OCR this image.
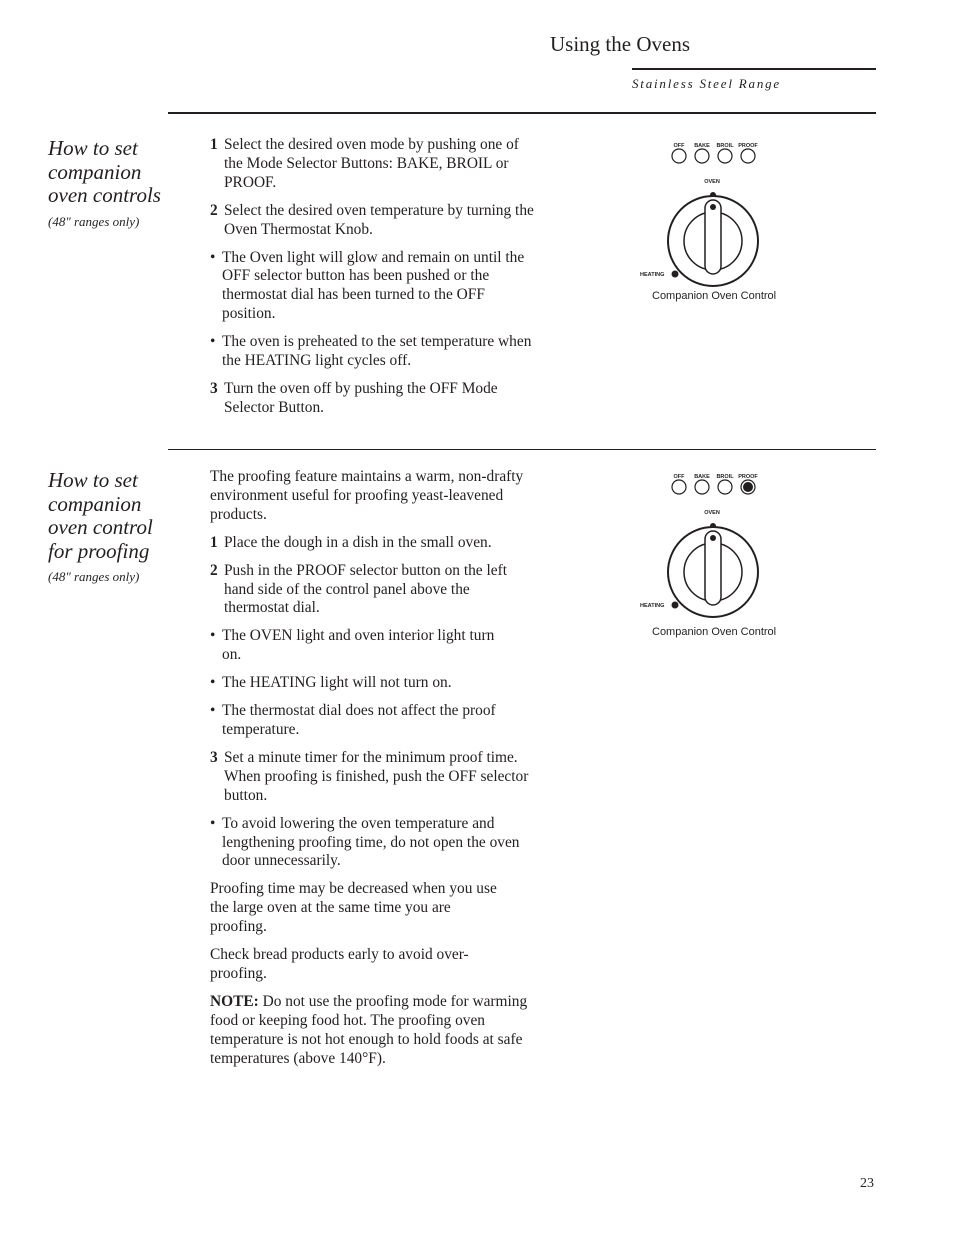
Using the Ovens
Stainless Steel Range
How to set companion oven controls
(48″ ranges only)
1 Select the desired oven mode by pushing one of the Mode Selector Buttons: BAKE, BROIL or PROOF.
2 Select the desired oven temperature by turning the Oven Thermostat Knob.
• The Oven light will glow and remain on until the OFF selector button has been pushed or the thermostat dial has been turned to the OFF position.
• The oven is preheated to the set temperature when the HEATING light cycles off.
3 Turn the oven off by pushing the OFF Mode Selector Button.
OFF BAKE BROIL PROOF
OVEN
HEATING
Companion Oven Control
How to set companion oven control for proofing
(48″ ranges only)

The proofing feature maintains a warm, non-drafty environment useful for proofing yeast-leavened products.

1 Place the dough in a dish in the small oven.
2 Push in the PROOF selector button on the left hand side of the control panel above the thermostat dial.
• The OVEN light and oven interior light turn on.
• The HEATING light will not turn on.
• The thermostat dial does not affect the proof temperature.
3 Set a minute timer for the minimum proof time. When proofing is finished, push the OFF selector button.
• To avoid lowering the oven temperature and lengthening proofing time, do not open the oven door unnecessarily.

Proofing time may be decreased when you use the large oven at the same time you are proofing.

Check bread products early to avoid over-proofing.

NOTE: Do not use the proofing mode for warming food or keeping food hot. The proofing oven temperature is not hot enough to hold foods at safe temperatures (above 140°F).

OFF BAKE BROIL PROOF
OVEN
HEATING
Companion Oven Control
23
